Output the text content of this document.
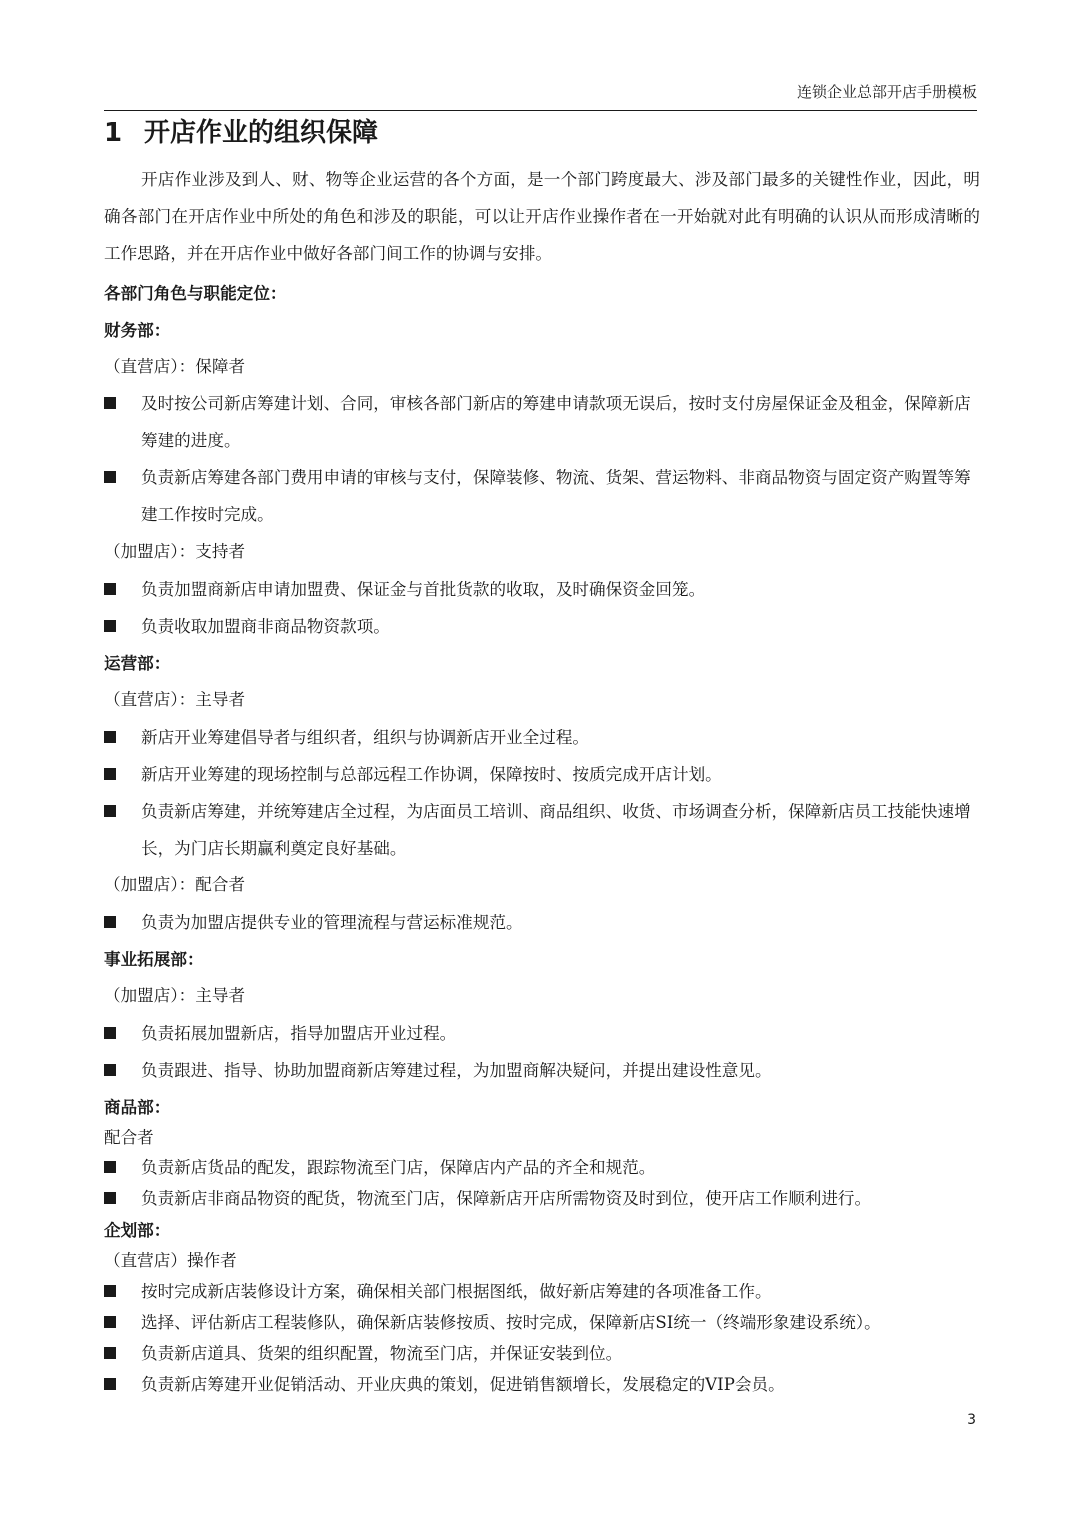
连锁企业总部开店手册模板
1 开店作业的组织保障
开店作业涉及到人、财、物等企业运营的各个方面，是一个部门跨度最大、涉及部门最多的关键性作业，因此，明确各部门在开店作业中所处的角色和涉及的职能，可以让开店作业操作者在一开始就对此有明确的认识从而形成清晰的工作思路，并在开店作业中做好各部门间工作的协调与安排。
各部门角色与职能定位：
财务部：
（直营店）：保障者
及时按公司新店筹建计划、合同，审核各部门新店的筹建申请款项无误后，按时支付房屋保证金及租金，保障新店筹建的进度。
负责新店筹建各部门费用申请的审核与支付，保障装修、物流、货架、营运物料、非商品物资与固定资产购置等筹建工作按时完成。
（加盟店）：支持者
负责加盟商新店申请加盟费、保证金与首批货款的收取，及时确保资金回笼。
负责收取加盟商非商品物资款项。
运营部：
（直营店）：主导者
新店开业筹建倡导者与组织者，组织与协调新店开业全过程。
新店开业筹建的现场控制与总部远程工作协调，保障按时、按质完成开店计划。
负责新店筹建，并统筹建店全过程，为店面员工培训、商品组织、收货、市场调查分析，保障新店员工技能快速增长，为门店长期赢利奠定良好基础。
（加盟店）：配合者
负责为加盟店提供专业的管理流程与营运标准规范。
事业拓展部：
（加盟店）：主导者
负责拓展加盟新店，指导加盟店开业过程。
负责跟进、指导、协助加盟商新店筹建过程，为加盟商解决疑问，并提出建设性意见。
商品部：
配合者
负责新店货品的配发，跟踪物流至门店，保障店内产品的齐全和规范。
负责新店非商品物资的配货，物流至门店，保障新店开店所需物资及时到位，使开店工作顺利进行。
企划部：
（直营店）操作者
按时完成新店装修设计方案，确保相关部门根据图纸，做好新店筹建的各项准备工作。
选择、评估新店工程装修队，确保新店装修按质、按时完成，保障新店SI统一（终端形象建设系统）。
负责新店道具、货架的组织配置，物流至门店，并保证安装到位。
负责新店筹建开业促销活动、开业庆典的策划，促进销售额增长，发展稳定的VIP会员。
3
